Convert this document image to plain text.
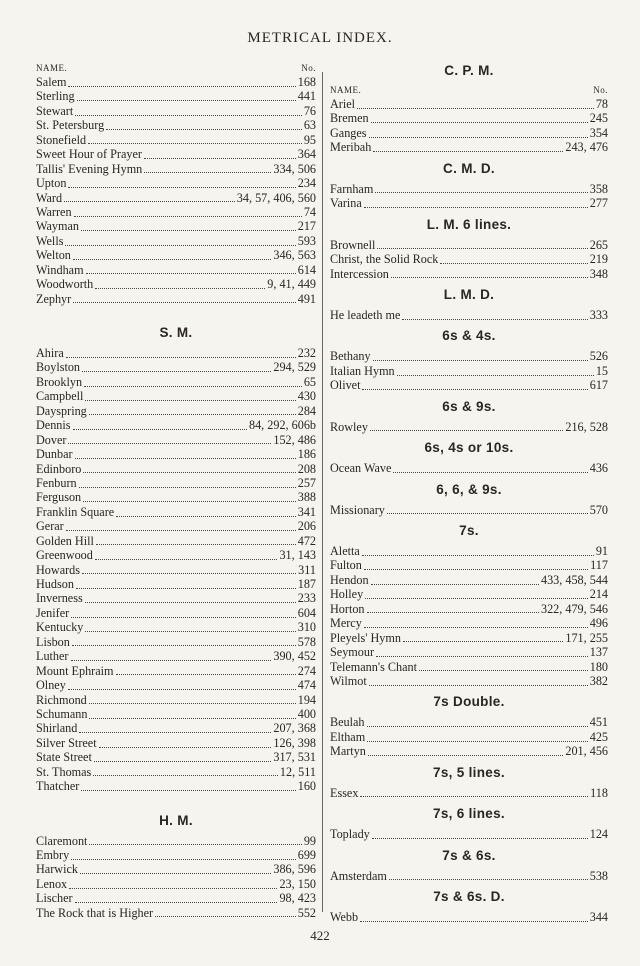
METRICAL INDEX.
NAME.	No.
Salem	168
Sterling	441
Stewart	76
St. Petersburg	63
Stonefield	95
Sweet Hour of Prayer	364
Tallis' Evening Hymn	334, 506
Upton	234
Ward	34, 57, 406, 560
Warren	74
Wayman	217
Wells	593
Welton	346, 563
Windham	614
Woodworth	9, 41, 449
Zephyr	491
S. M.
Ahira	232
Boylston	294, 529
Brooklyn	65
Campbell	430
Dayspring	284
Dennis	84, 292, 606b
Dover	152, 486
Dunbar	186
Edinboro	208
Fenburn	257
Ferguson	388
Franklin Square	341
Gerar	206
Golden Hill	472
Greenwood	31, 143
Howards	311
Hudson	187
Inverness	233
Jenifer	604
Kentucky	310
Lisbon	578
Luther	390, 452
Mount Ephraim	274
Olney	474
Richmond	194
Schumann	400
Shirland	207, 368
Silver Street	126, 398
State Street	317, 531
St. Thomas	12, 511
Thatcher	160
H. M.
Claremont	99
Embry	699
Harwick	386, 596
Lenox	23, 150
Lischer	98, 423
The Rock that is Higher	552
C. P. M.
NAME.	No.
Ariel	78
Bremen	245
Ganges	354
Meribah	243, 476
C. M. D.
Farnham	358
Varina	277
L. M. 6 lines.
Brownell	265
Christ, the Solid Rock	219
Intercession	348
L. M. D.
He leadeth me	333
6s & 4s.
Bethany	526
Italian Hymn	15
Olivet	617
6s & 9s.
Rowley	216, 528
6s, 4s or 10s.
Ocean Wave	436
6, 6, & 9s.
Missionary	570
7s.
Aletta	91
Fulton	117
Hendon	433, 458, 544
Holley	214
Horton	322, 479, 546
Mercy	496
Pleyels' Hymn	171, 255
Seymour	137
Telemann's Chant	180
Wilmot	382
7s Double.
Beulah	451
Eltham	425
Martyn	201, 456
7s, 5 lines.
Essex	118
7s, 6 lines.
Toplady	124
7s & 6s.
Amsterdam	538
7s & 6s. D.
Webb	344
422
